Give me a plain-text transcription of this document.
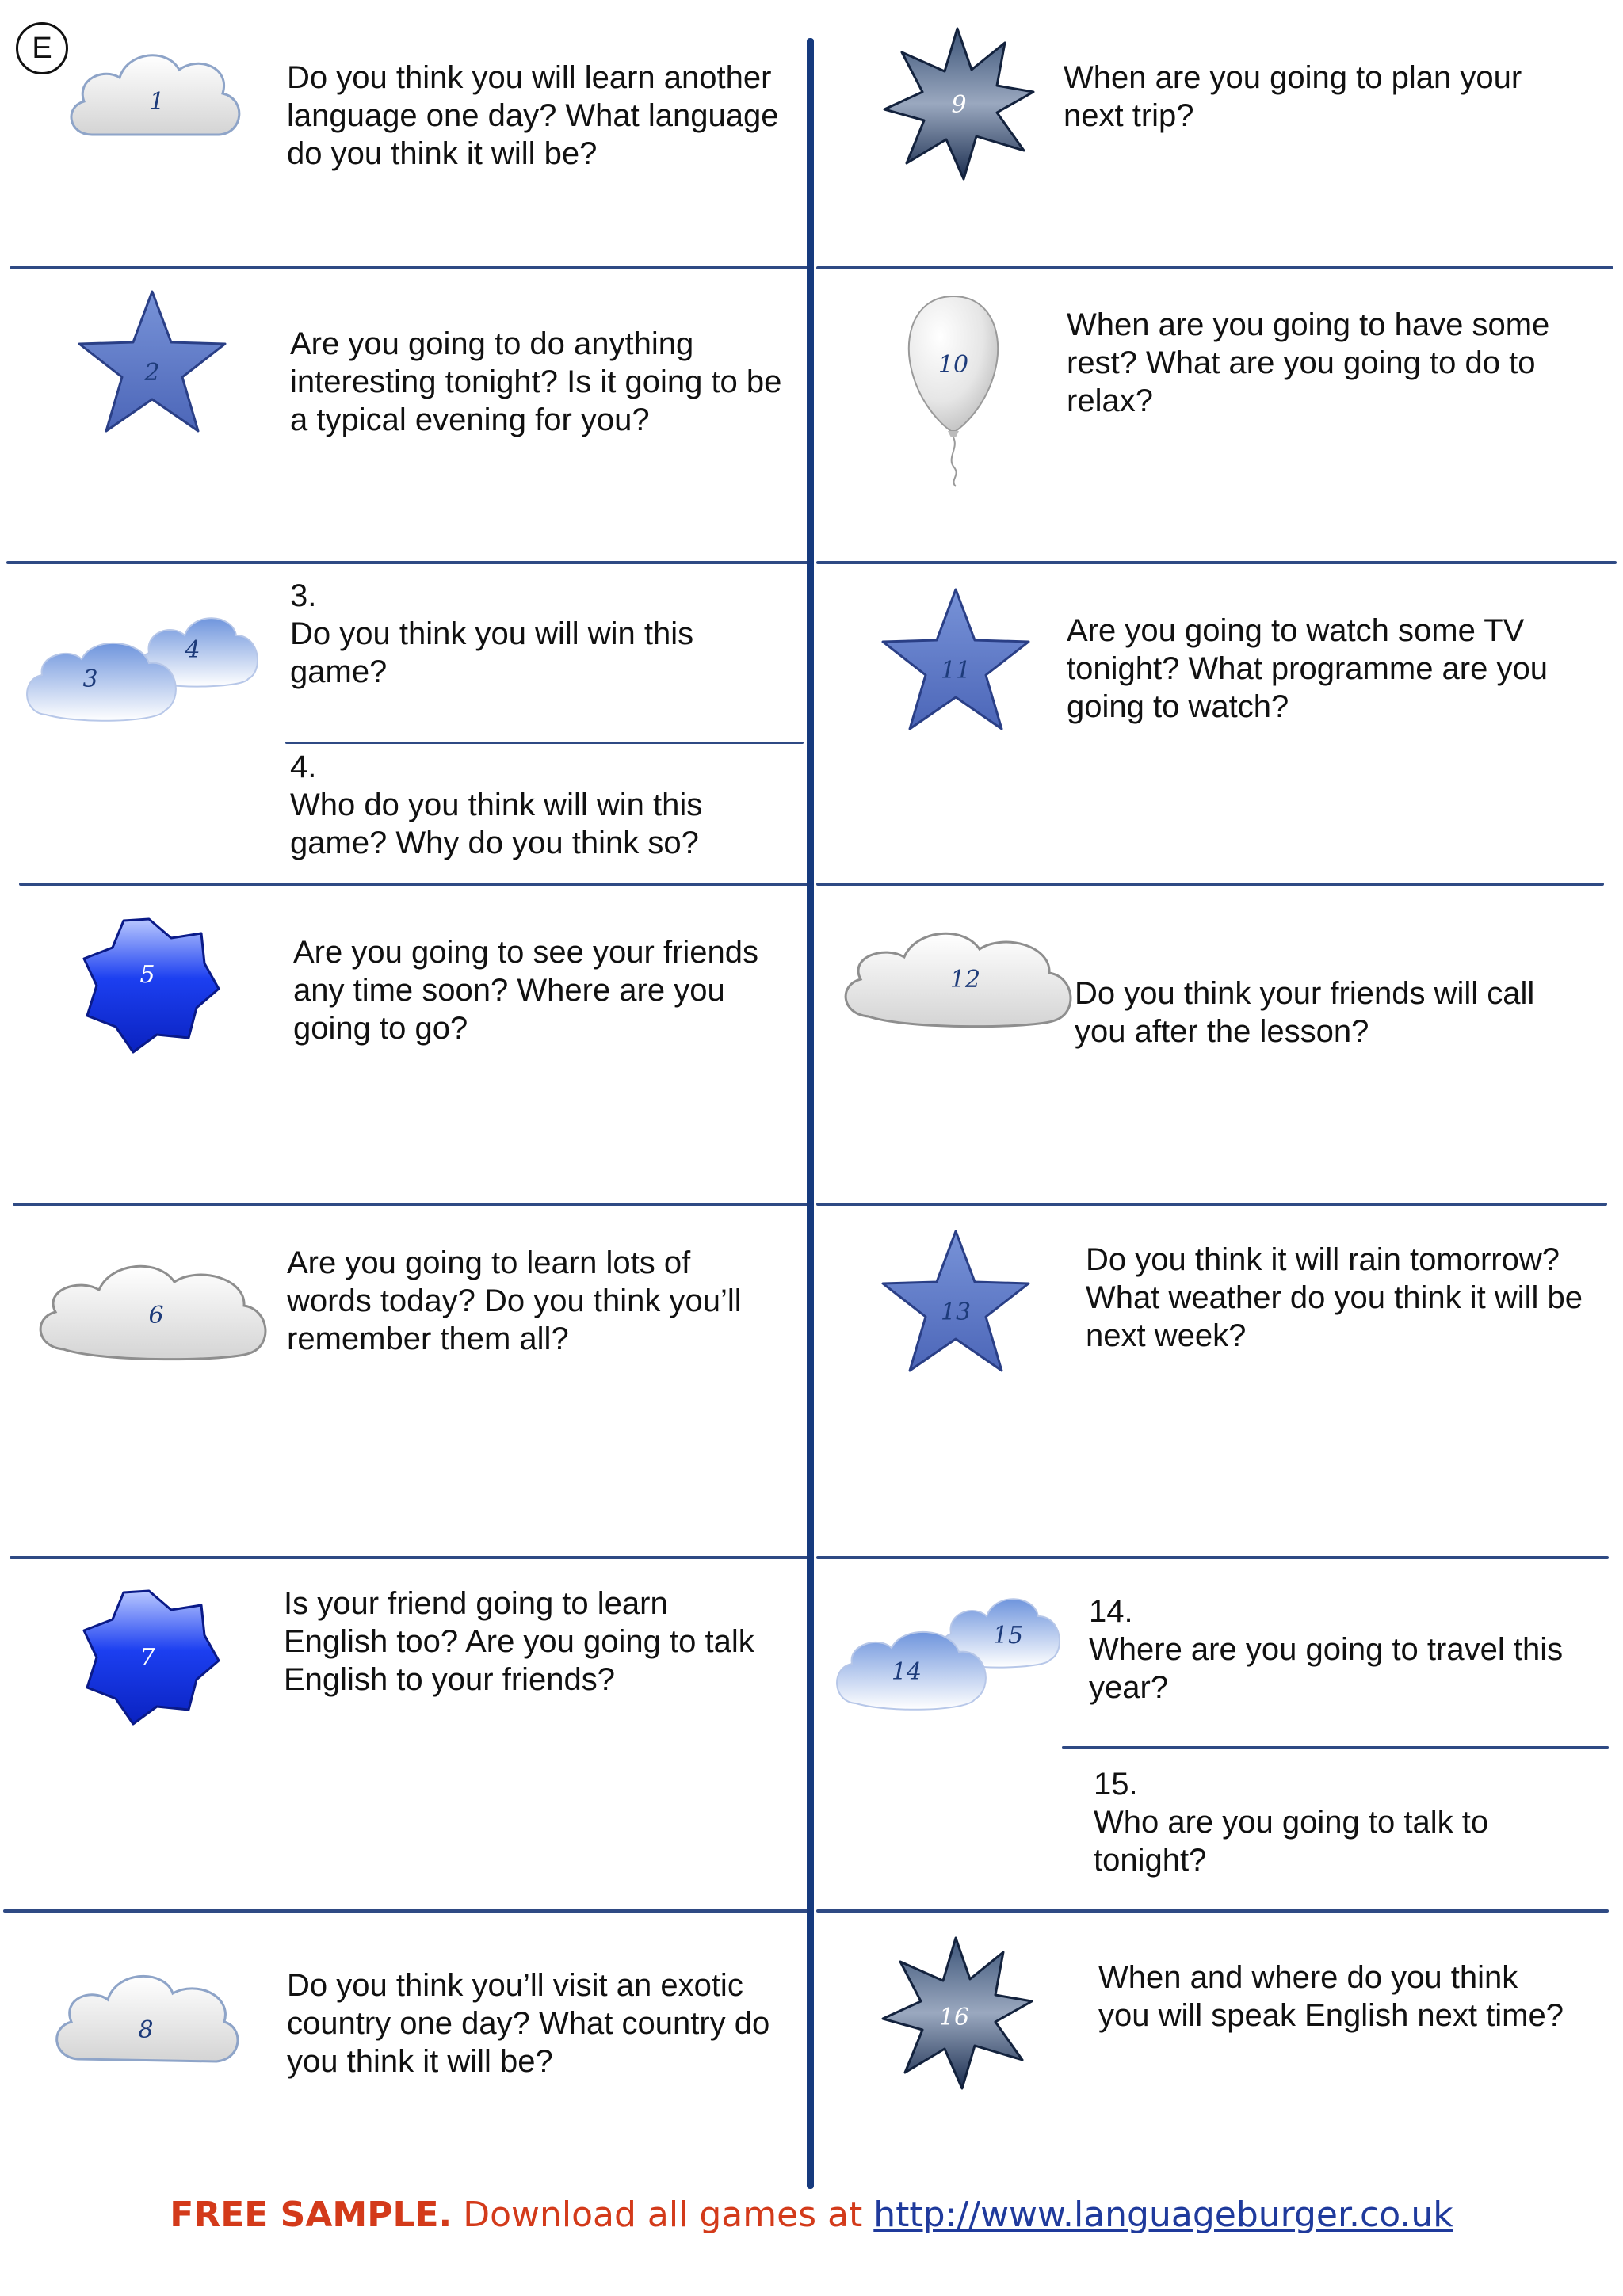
E
1
Do you think you will learn another
language one day? What language
do you think it will be?
2
Are you going to do anything
interesting tonight? Is it going to be
a typical evening for you?
4
3
3.
Do you think you will win this
game?
4.
Who do you think will win this
game? Why do you think so?
5
Are you going to see your friends
any time soon? Where are you
going to go?
6
Are you going to learn lots of
words today? Do you think you’ll
remember them all?
7
Is your friend going to learn
English too? Are you going to talk
English to your friends?
8
Do you think you’ll visit an exotic
country one day? What country do
you think it will be?
9
When are you going to plan your
next trip?
10
When are you going to have some
rest? What are you going to do to
relax?
11
Are you going to watch some TV
tonight? What programme are you
going to watch?
12	Do you think your friends will call
you after the lesson?
13
Do you think it will rain tomorrow?
What weather do you think it will be
next week?
15
14
14.
Where are you going to travel this
year?
15.
Who are you going to talk to
tonight?
16
When and where do you think
you will speak English next time?
FREE SAMPLE. Download all games at http://www.languageburger.co.uk
